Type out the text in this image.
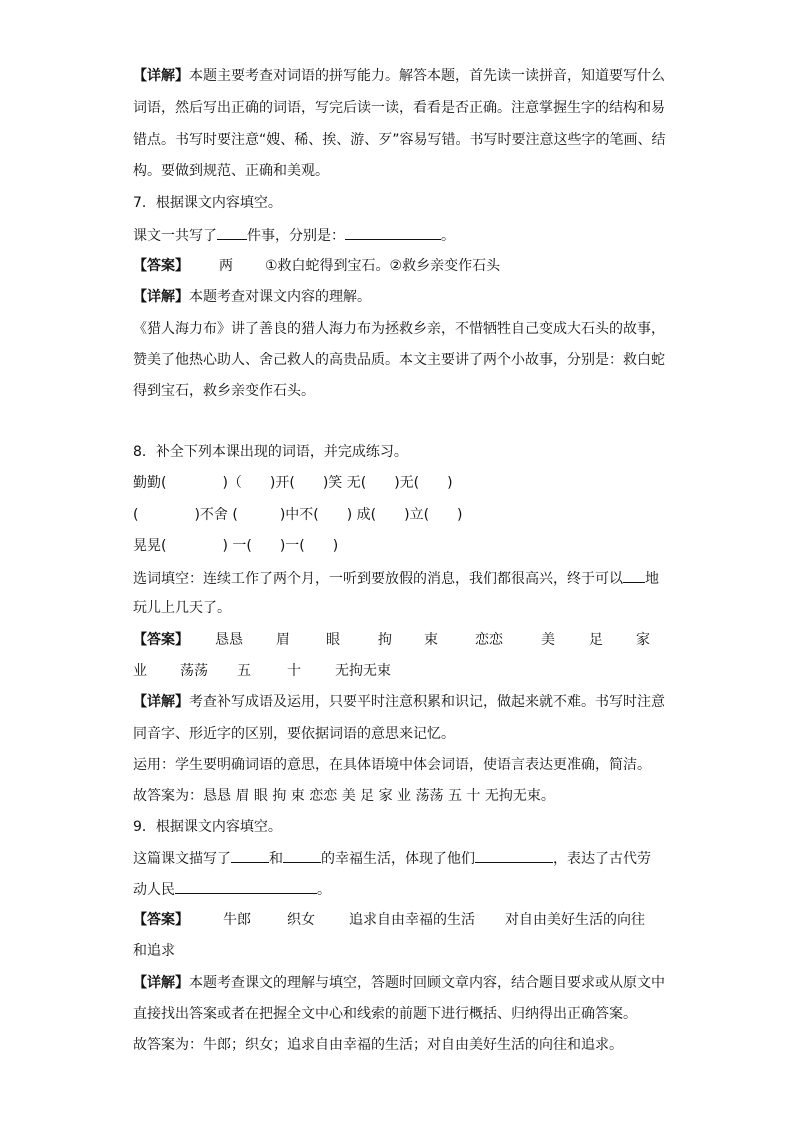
【详解】本题主要考查对词语的拼写能力。解答本题，首先读一读拼音，知道要写什么
词语，然后写出正确的词语，写完后读一读，看看是否正确。注意掌握生字的结构和易
错点。书写时要注意“嫂、稀、挨、游、歹”容易写错。书写时要注意这些字的笔画、结
构。要做到规范、正确和美观。
7．根据课文内容填空。
课文一共写了 件事，分别是：	。
【答案】 两 ①救白蛇得到宝石。②救乡亲变作石头
【详解】本题考查对课文内容的理解。
《猎人海力布》讲了善良的猎人海力布为拯救乡亲，不惜牺牲自己变成大石头的故事，
赞美了他热心助人、舍己救人的高贵品质。本文主要讲了两个小故事，分别是：救白蛇
得到宝石，救乡亲变作石头。
8．补全下列本课出现的词语，并完成练习。
勤勤(　　　　)（　　)开(　　)笑 无(　　)无(　　)
(　　　　)不舍 (　　　)中不(　　) 成(　　)立(　　)
晃晃(　　　　) 一(　　)一(　　)
选词填空：连续工作了两个月，一听到要放假的消息，我们都很高兴，终于可以 地
玩儿上几天了。
【答案】 恳恳 眉	眼	拘 束	恋恋	美 足 家
业 荡荡 五	十 无拘无束
【详解】考查补写成语及运用，只要平时注意积累和识记，做起来就不难。书写时注意
同音字、形近字的区别，要依据词语的意思来记忆。
运用：学生要明确词语的意思，在具体语境中体会词语，使语言表达更准确，简洁。
故答案为：恳恳 眉 眼 拘 束 恋恋 美 足 家 业 荡荡 五 十 无拘无束。
9．根据课文内容填空。
这篇课文描写了	和	的幸福生活，体现了他们	，表达了古代劳
动人民	。
【答案】 牛郎	织女 追求自由幸福的生活 对自由美好生活的向往
和追求
【详解】本题考查课文的理解与填空，答题时回顾文章内容，结合题目要求或从原文中
直接找出答案或者在把握全文中心和线索的前题下进行概括、归纳得出正确答案。
故答案为：牛郎；织女；追求自由幸福的生活；对自由美好生活的向往和追求。
